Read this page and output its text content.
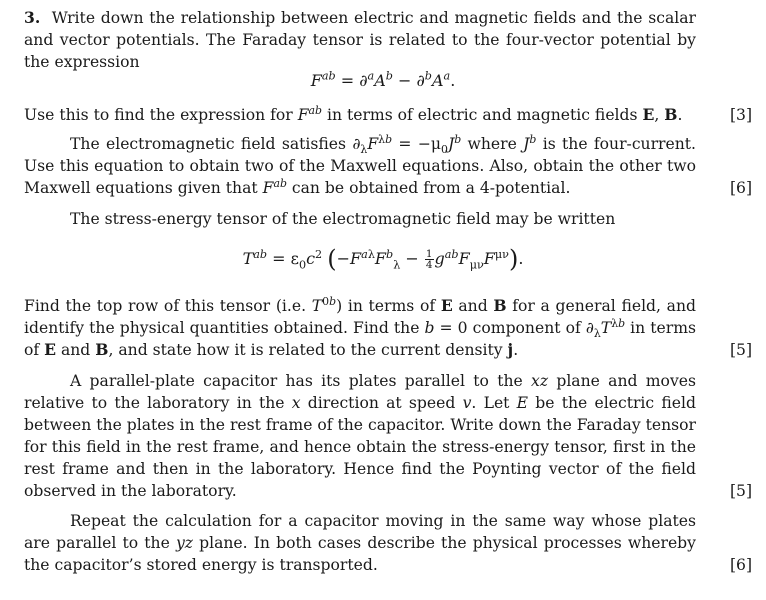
3. Write down the relationship between electric and magnetic fields and the scalar and vector potentials. The Faraday tensor is related to the four-vector potential by the expression

$F^{ab} = \partial^aA^b - \partial^bA^a$.

Use this to find the expression for $F^{ab}$ in terms of electric and magnetic fields E, B.	[3]

The electromagnetic field satisfies $\partial_\lambda F^{\lambda b} = -\mu_0J^b$ where $J^b$ is the four-current. Use this equation to obtain two of the Maxwell equations. Also, obtain the other two Maxwell equations given that $F^{ab}$ can be obtained from a 4-potential.	[6]

The stress-energy tensor of the electromagnetic field may be written

$T^{ab} = \varepsilon_0c^2$ $(-F^{a\lambda}F^b_\lambda - \frac{1}{4} g^{ab}F_{\mu\nu}F^{\mu\nu})$.

Find the top row of this tensor (i.e. $T^{0b}$) in terms of E and B for a general field, and identify the physical quantities obtained. Find the b = 0 component of $\partial_\lambda T^{\lambda b}$ in terms of E and B, and state how it is related to the current density j.	[5]

A parallel-plate capacitor has its plates parallel to the xz plane and moves relative to the laboratory in the x direction at speed v. Let E be the electric field between the plates in the rest frame of the capacitor. Write down the Faraday tensor for this field in the rest frame, and hence obtain the stress-energy tensor, first in the rest frame and then in the laboratory. Hence find the Poynting vector of the field observed in the laboratory.	[5]

Repeat the calculation for a capacitor moving in the same way whose plates are parallel to the yz plane. In both cases describe the physical processes whereby the capacitor’s stored energy is transported.	[6]
